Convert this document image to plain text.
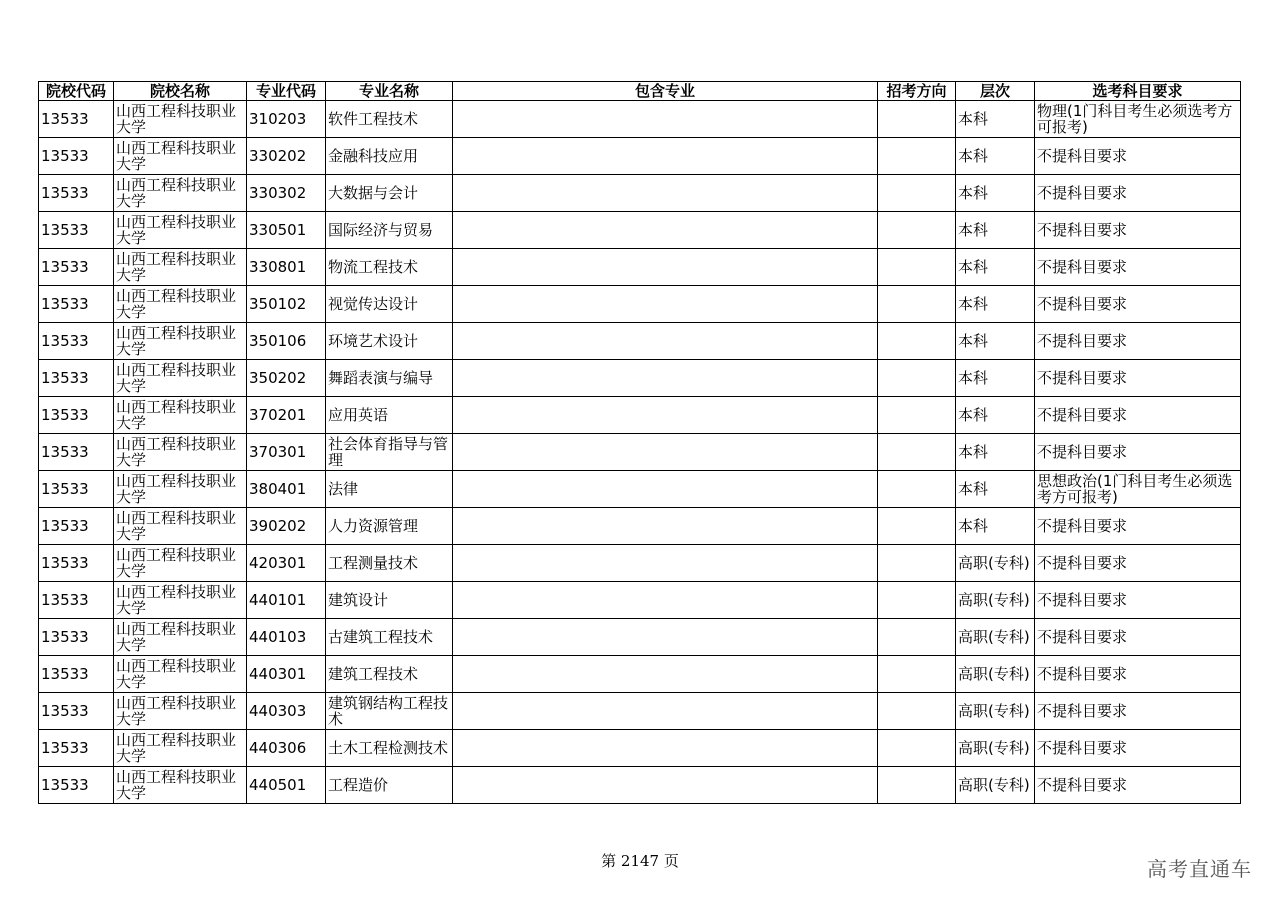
院校代码	院校名称	专业代码	专业名称	包含专业	招考方向	层次	选考科目要求
13533	山西工程科技职业大学	310203	软件工程技术			本科	物理(1门科目考生必须选考方可报考)
13533	山西工程科技职业大学	330202	金融科技应用			本科	不提科目要求
13533	山西工程科技职业大学	330302	大数据与会计			本科	不提科目要求
13533	山西工程科技职业大学	330501	国际经济与贸易			本科	不提科目要求
13533	山西工程科技职业大学	330801	物流工程技术			本科	不提科目要求
13533	山西工程科技职业大学	350102	视觉传达设计			本科	不提科目要求
13533	山西工程科技职业大学	350106	环境艺术设计			本科	不提科目要求
13533	山西工程科技职业大学	350202	舞蹈表演与编导			本科	不提科目要求
13533	山西工程科技职业大学	370201	应用英语			本科	不提科目要求
13533	山西工程科技职业大学	370301	社会体育指导与管理			本科	不提科目要求
13533	山西工程科技职业大学	380401	法律			本科	思想政治(1门科目考生必须选考方可报考)
13533	山西工程科技职业大学	390202	人力资源管理			本科	不提科目要求
13533	山西工程科技职业大学	420301	工程测量技术			高职(专科)	不提科目要求
13533	山西工程科技职业大学	440101	建筑设计			高职(专科)	不提科目要求
13533	山西工程科技职业大学	440103	古建筑工程技术			高职(专科)	不提科目要求
13533	山西工程科技职业大学	440301	建筑工程技术			高职(专科)	不提科目要求
13533	山西工程科技职业大学	440303	建筑钢结构工程技术			高职(专科)	不提科目要求
13533	山西工程科技职业大学	440306	土木工程检测技术			高职(专科)	不提科目要求
13533	山西工程科技职业大学	440501	工程造价			高职(专科)	不提科目要求
第 2147 页	高考直通车
